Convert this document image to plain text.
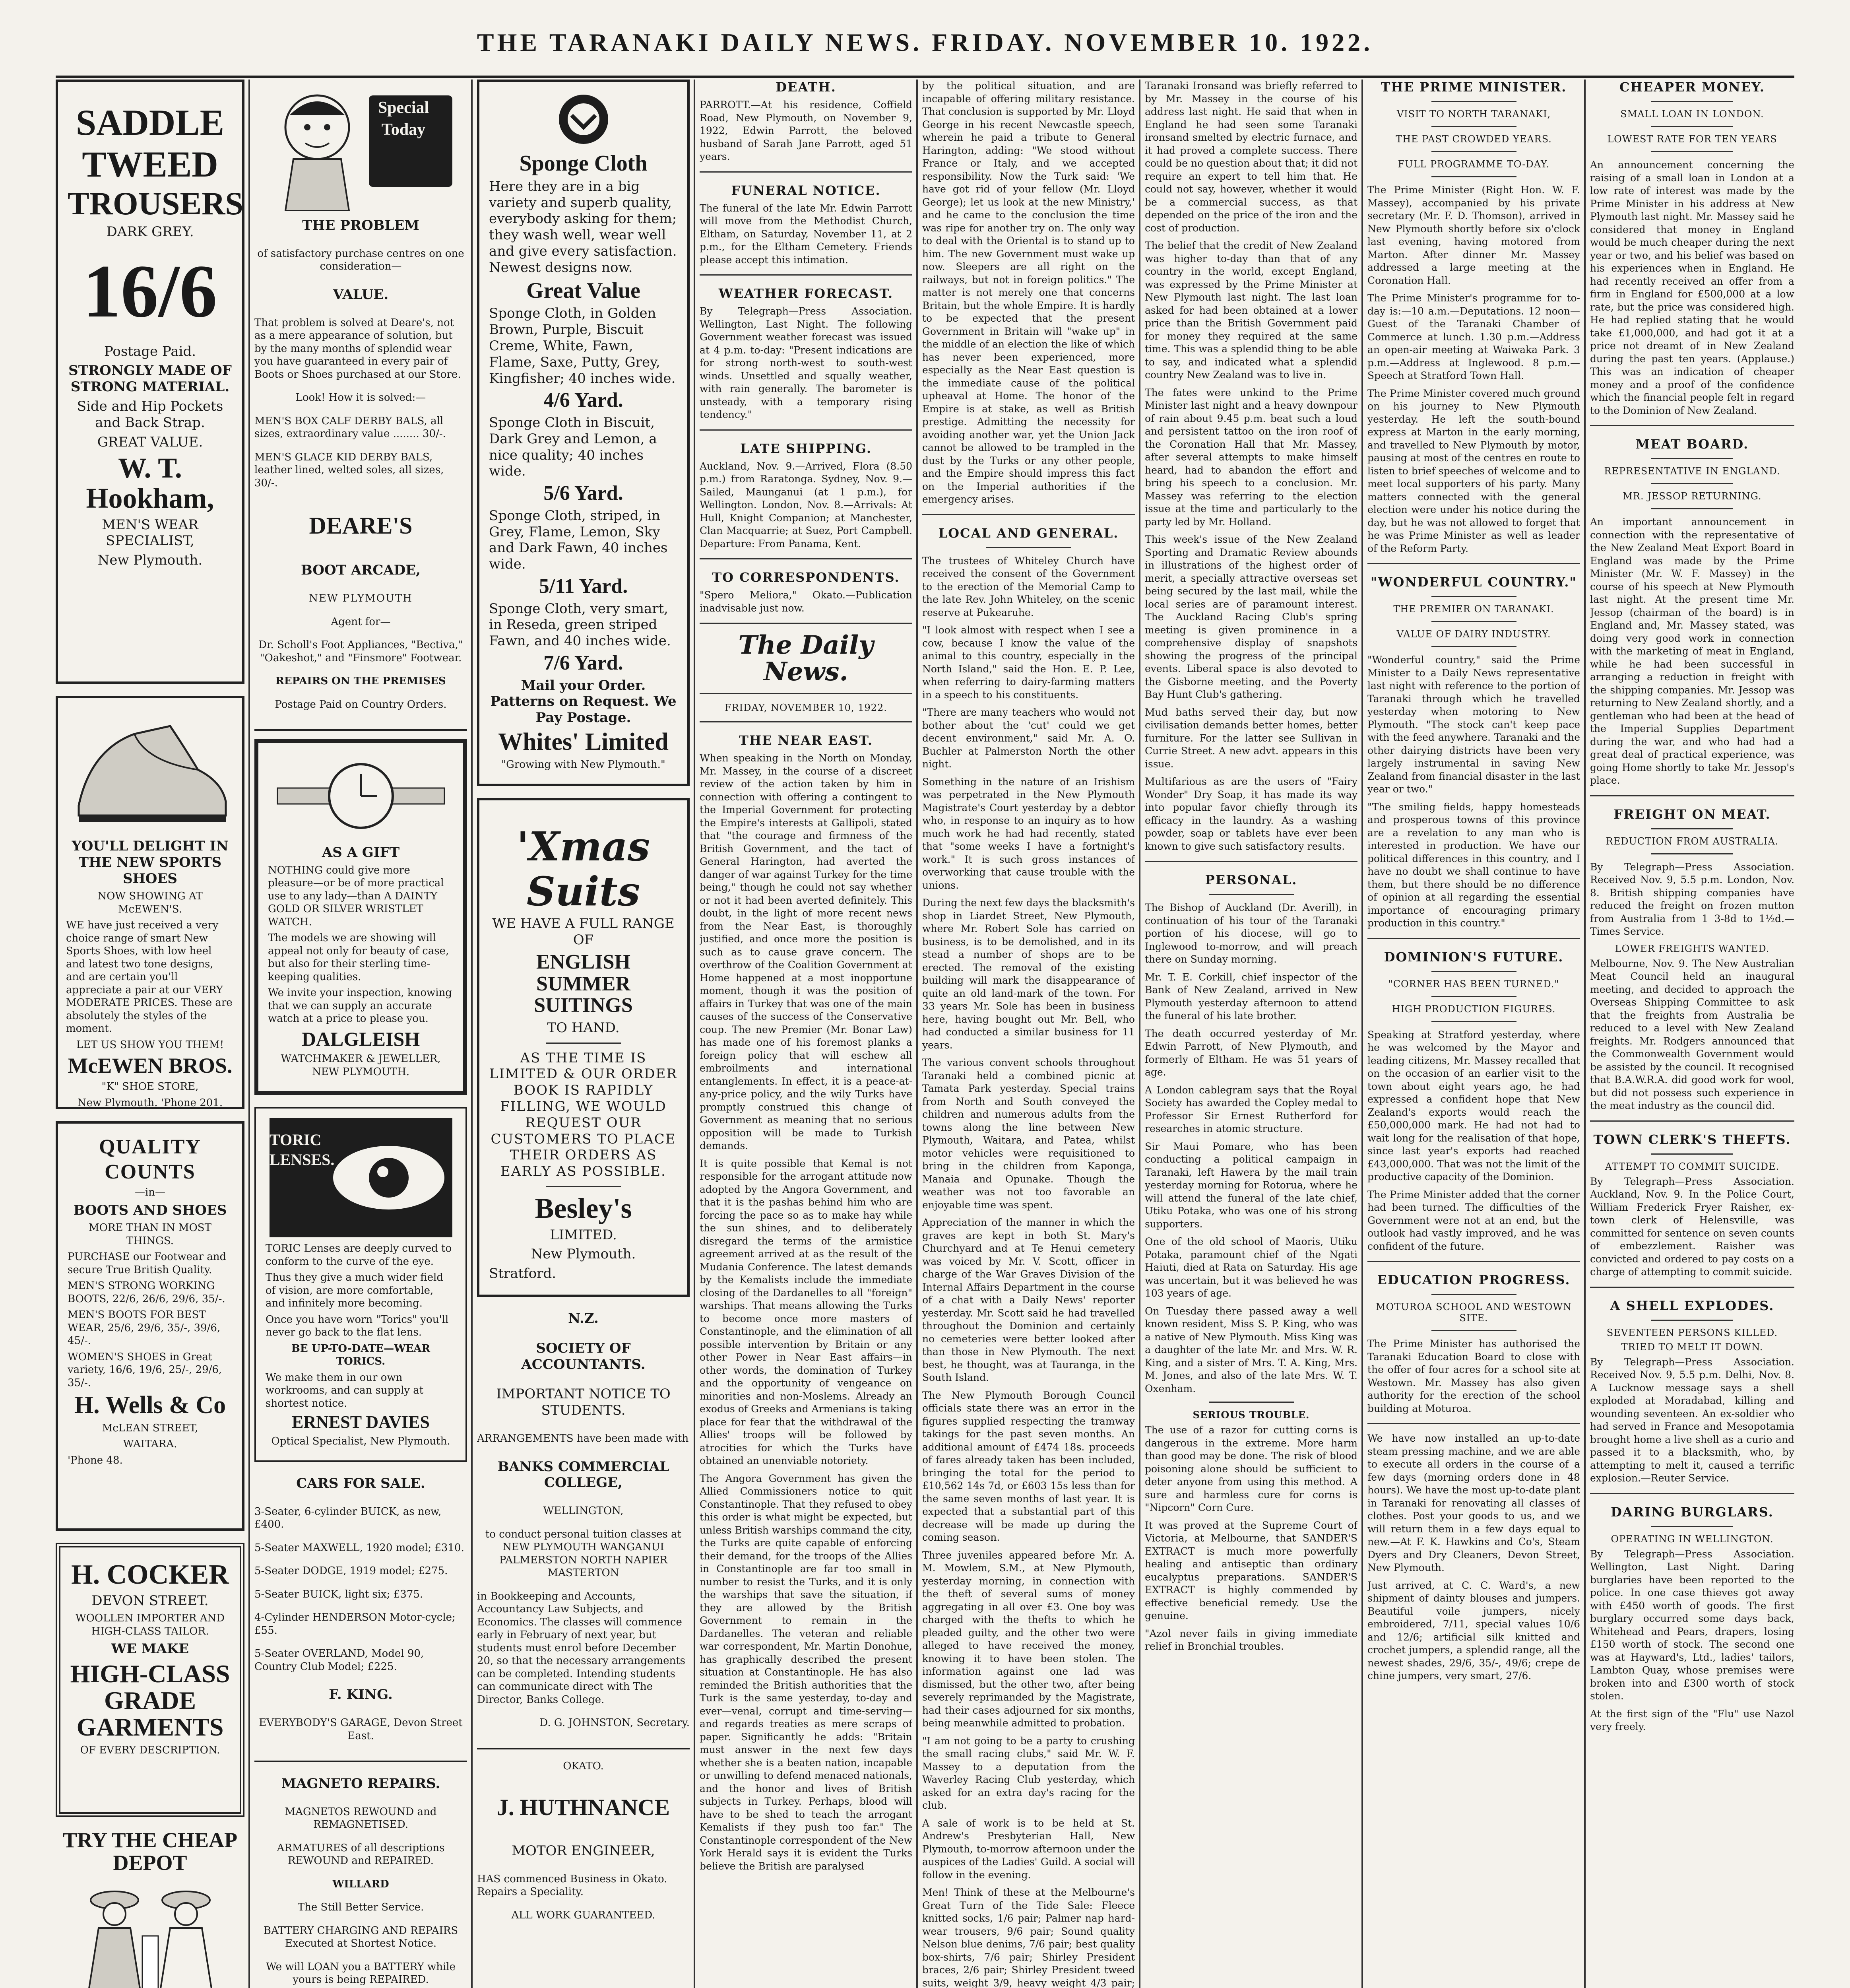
THE TARANAKI DAILY NEWS. FRIDAY. NOVEMBER 10. 1922.

SADDLE

TWEED

TROUSERS

DARK GREY.

16/6

Postage Paid.

STRONGLY MADE OF STRONG MATERIAL.

Side and Hip Pockets and Back Strap.

GREAT VALUE.

W. T. Hookham,

MEN'S WEAR SPECIALIST,

New Plymouth.

YOU'LL DELIGHT IN THE NEW SPORTS SHOES

NOW SHOWING AT McEWEN'S.

WE have just received a very choice range of smart New Sports Shoes, with low heel and latest two tone designs, and are certain you'll appreciate a pair at our VERY MODERATE PRICES. These are absolutely the styles of the moment.

LET US SHOW YOU THEM!

McEWEN BROS.

"K" SHOE STORE,

New Plymouth. 'Phone 201.

QUALITY

COUNTS

—in—

BOOTS AND SHOES

MORE THAN IN MOST THINGS.

PURCHASE our Footwear and secure True British Quality.

MEN'S STRONG WORKING BOOTS, 22/6, 26/6, 29/6, 35/-.

MEN'S BOOTS FOR BEST WEAR, 25/6, 29/6, 35/-, 39/6, 45/-.

WOMEN'S SHOES in Great variety, 16/6, 19/6, 25/-, 29/6, 35/-.

H. Wells & Co

McLEAN STREET,

WAITARA.

'Phone 48.

H. COCKER

DEVON STREET.

WOOLLEN IMPORTER AND HIGH-CLASS TAILOR.

WE MAKE

HIGH-CLASS GRADE GARMENTS

OF EVERY DESCRIPTION.

TRY THE CHEAP DEPOT

Special Today

THE PROBLEM

of satisfactory purchase centres on one consideration—

VALUE.

That problem is solved at Deare's, not as a mere appearance of solution, but by the many months of splendid wear you have guaranteed in every pair of Boots or Shoes purchased at our Store.

Look! How it is solved:—

MEN'S BOX CALF DERBY BALS, all sizes, extraordinary value ........ 30/-.

MEN'S GLACE KID DERBY BALS, leather lined, welted soles, all sizes, 30/-.

DEARE'S

BOOT ARCADE,

NEW PLYMOUTH

Agent for—

Dr. Scholl's Foot Appliances, "Bectiva," "Oakeshot," and "Finsmore" Footwear.

REPAIRS ON THE PREMISES

Postage Paid on Country Orders.

AS A GIFT

NOTHING could give more pleasure—or be of more practical use to any lady—than A DAINTY GOLD OR SILVER WRISTLET WATCH.

The models we are showing will appeal not only for beauty of case, but also for their sterling time-keeping qualities.

We invite your inspection, knowing that we can supply an accurate watch at a price to please you.

DALGLEISH

WATCHMAKER & JEWELLER, NEW PLYMOUTH.

TORIC

LENSES.

TORIC Lenses are deeply curved to conform to the curve of the eye.

Thus they give a much wider field of vision, are more comfortable, and infinitely more becoming.

Once you have worn "Torics" you'll never go back to the flat lens.

BE UP-TO-DATE—WEAR TORICS.

We make them in our own workrooms, and can supply at shortest notice.

ERNEST DAVIES

Optical Specialist, New Plymouth.

CARS FOR SALE.

3-Seater, 6-cylinder BUICK, as new, £400.

5-Seater MAXWELL, 1920 model; £310.

5-Seater DODGE, 1919 model; £275.

5-Seater BUICK, light six; £375.

4-Cylinder HENDERSON Motor-cycle; £55.

5-Seater OVERLAND, Model 90, Country Club Model; £225.

F. KING.

EVERYBODY'S GARAGE, Devon Street East.

MAGNETO REPAIRS.

MAGNETOS REWOUND and REMAGNETISED.

ARMATURES of all descriptions REWOUND and REPAIRED.

WILLARD

The Still Better Service.

BATTERY CHARGING AND REPAIRS Executed at Shortest Notice.

We will LOAN you a BATTERY while yours is being REPAIRED.

Sponge Cloth

Here they are in a big variety and superb quality, everybody asking for them; they wash well, wear well and give every satisfaction. Newest designs now.

Great Value

Sponge Cloth, in Golden Brown, Purple, Biscuit Creme, White, Fawn, Flame, Saxe, Putty, Grey, Kingfisher; 40 inches wide.

4/6 Yard.

Sponge Cloth in Biscuit, Dark Grey and Lemon, a nice quality; 40 inches wide.

5/6 Yard.

Sponge Cloth, striped, in Grey, Flame, Lemon, Sky and Dark Fawn, 40 inches wide.

5/11 Yard.

Sponge Cloth, very smart, in Reseda, green striped Fawn, and 40 inches wide.

7/6 Yard.

Mail your Order. Patterns on Request. We Pay Postage.

Whites' Limited

"Growing with New Plymouth."

'Xmas

Suits

WE HAVE A FULL RANGE OF

ENGLISH SUMMER SUITINGS

TO HAND.

AS THE TIME IS LIMITED & OUR ORDER BOOK IS RAPIDLY FILLING, WE WOULD REQUEST OUR CUSTOMERS TO PLACE THEIR ORDERS AS EARLY AS POSSIBLE.

Besley's

LIMITED.

New Plymouth.

Stratford.

N.Z.

SOCIETY OF ACCOUNTANTS.

IMPORTANT NOTICE TO STUDENTS.

ARRANGEMENTS have been made with

BANKS COMMERCIAL COLLEGE,

WELLINGTON,

to conduct personal tuition classes at NEW PLYMOUTH WANGANUI PALMERSTON NORTH NAPIER MASTERTON

in Bookkeeping and Accounts, Accountancy Law Subjects, and Economics. The classes will commence early in February of next year, but students must enrol before December 20, so that the necessary arrangements can be completed. Intending students can communicate direct with The Director, Banks College.

D. G. JOHNSTON, Secretary.

OKATO.

J. HUTHNANCE

MOTOR ENGINEER,

HAS commenced Business in Okato. Repairs a Speciality.

ALL WORK GUARANTEED.

DEATH.

PARROTT.—At his residence, Coffield Road, New Plymouth, on November 9, 1922, Edwin Parrott, the beloved husband of Sarah Jane Parrott, aged 51 years.

FUNERAL NOTICE.

The funeral of the late Mr. Edwin Parrott will move from the Methodist Church, Eltham, on Saturday, November 11, at 2 p.m., for the Eltham Cemetery. Friends please accept this intimation.

WEATHER FORECAST.

By Telegraph—Press Association. Wellington, Last Night. The following Government weather forecast was issued at 4 p.m. to-day: "Present indications are for strong north-west to south-west winds. Unsettled and squally weather, with rain generally. The barometer is unsteady, with a temporary rising tendency."

LATE SHIPPING.

Auckland, Nov. 9.—Arrived, Flora (8.50 p.m.) from Raratonga. Sydney, Nov. 9.—Sailed, Maunganui (at 1 p.m.), for Wellington. London, Nov. 8.—Arrivals: At Hull, Knight Companion; at Manchester, Clan Macquarrie; at Suez, Port Campbell. Departure: From Panama, Kent.

TO CORRESPONDENTS.

"Spero Meliora," Okato.—Publication inadvisable just now.

The Daily News.

FRIDAY, NOVEMBER 10, 1922.

THE NEAR EAST.

When speaking in the North on Monday, Mr. Massey, in the course of a discreet review of the action taken by him in connection with offering a contingent to the Imperial Government for protecting the Empire's interests at Gallipoli, stated that "the courage and firmness of the British Government, and the tact of General Harington, had averted the danger of war against Turkey for the time being," though he could not say whether or not it had been averted definitely. This doubt, in the light of more recent news from the Near East, is thoroughly justified, and once more the position is such as to cause grave concern. The overthrow of the Coalition Government at Home happened at a most inopportune moment, though it was the position of affairs in Turkey that was one of the main causes of the success of the Conservative coup. The new Premier (Mr. Bonar Law) has made one of his foremost planks a foreign policy that will eschew all embroilments and international entanglements. In effect, it is a peace-at-any-price policy, and the wily Turks have promptly construed this change of Government as meaning that no serious opposition will be made to Turkish demands.

It is quite possible that Kemal is not responsible for the arrogant attitude now adopted by the Angora Government, and that it is the pashas behind him who are forcing the pace so as to make hay while the sun shines, and to deliberately disregard the terms of the armistice agreement arrived at as the result of the Mudania Conference. The latest demands by the Kemalists include the immediate closing of the Dardanelles to all "foreign" warships. That means allowing the Turks to become once more masters of Constantinople, and the elimination of all possible intervention by Britain or any other Power in Near East affairs—in other words, the domination of Turkey and the opportunity of vengeance on minorities and non-Moslems. Already an exodus of Greeks and Armenians is taking place for fear that the withdrawal of the Allies' troops will be followed by atrocities for which the Turks have obtained an unenviable notoriety.

The Angora Government has given the Allied Commissioners notice to quit Constantinople. That they refused to obey this order is what might be expected, but unless British warships command the city, the Turks are quite capable of enforcing their demand, for the troops of the Allies in Constantinople are far too small in number to resist the Turks, and it is only the warships that save the situation, if they are allowed by the British Government to remain in the Dardanelles. The veteran and reliable war correspondent, Mr. Martin Donohue, has graphically described the present situation at Constantinople. He has also reminded the British authorities that the Turk is the same yesterday, to-day and ever—venal, corrupt and time-serving—and regards treaties as mere scraps of paper. Significantly he adds: "Britain must answer in the next few days whether she is a beaten nation, incapable or unwilling to defend menaced nationals, and the honor and lives of British subjects in Turkey. Perhaps, blood will have to be shed to teach the arrogant Kemalists if they push too far." The Constantinople correspondent of the New York Herald says it is evident the Turks believe the British are paralysed

by the political situation, and are incapable of offering military resistance. That conclusion is supported by Mr. Lloyd George in his recent Newcastle speech, wherein he paid a tribute to General Harington, adding: "We stood without France or Italy, and we accepted responsibility. Now the Turk said: 'We have got rid of your fellow (Mr. Lloyd George); let us look at the new Ministry,' and he came to the conclusion the time was ripe for another try on. The only way to deal with the Oriental is to stand up to him. The new Government must wake up now. Sleepers are all right on the railways, but not in foreign politics." The matter is not merely one that concerns Britain, but the whole Empire. It is hardly to be expected that the present Government in Britain will "wake up" in the middle of an election the like of which has never been experienced, more especially as the Near East question is the immediate cause of the political upheaval at Home. The honor of the Empire is at stake, as well as British prestige. Admitting the necessity for avoiding another war, yet the Union Jack cannot be allowed to be trampled in the dust by the Turks or any other people, and the Empire should impress this fact on the Imperial authorities if the emergency arises.

LOCAL AND GENERAL.

The trustees of Whiteley Church have received the consent of the Government to the erection of the Memorial Camp to the late Rev. John Whiteley, on the scenic reserve at Pukearuhe.

"I look almost with respect when I see a cow, because I know the value of the animal to this country, especially in the North Island," said the Hon. E. P. Lee, when referring to dairy-farming matters in a speech to his constituents.

"There are many teachers who would not bother about the 'cut' could we get decent environment," said Mr. A. O. Buchler at Palmerston North the other night.

Something in the nature of an Irishism was perpetrated in the New Plymouth Magistrate's Court yesterday by a debtor who, in response to an inquiry as to how much work he had had recently, stated that "some weeks I have a fortnight's work." It is such gross instances of overworking that cause trouble with the unions.

During the next few days the blacksmith's shop in Liardet Street, New Plymouth, where Mr. Robert Sole has carried on business, is to be demolished, and in its stead a number of shops are to be erected. The removal of the existing building will mark the disappearance of quite an old land-mark of the town. For 33 years Mr. Sole has been in business here, having bought out Mr. Bell, who had conducted a similar business for 11 years.

The various convent schools throughout Taranaki held a combined picnic at Tamata Park yesterday. Special trains from North and South conveyed the children and numerous adults from the towns along the line between New Plymouth, Waitara, and Patea, whilst motor vehicles were requisitioned to bring in the children from Kaponga, Manaia and Opunake. Though the weather was not too favorable an enjoyable time was spent.

Appreciation of the manner in which the graves are kept in both St. Mary's Churchyard and at Te Henui cemetery was voiced by Mr. V. Scott, officer in charge of the War Graves Division of the Internal Affairs Department in the course of a chat with a Daily News' reporter yesterday. Mr. Scott said he had travelled throughout the Dominion and certainly no cemeteries were better looked after than those in New Plymouth. The next best, he thought, was at Tauranga, in the South Island.

The New Plymouth Borough Council officials state there was an error in the figures supplied respecting the tramway takings for the past seven months. An additional amount of £474 18s. proceeds of fares already taken has been included, bringing the total for the period to £10,562 14s 7d, or £603 15s less than for the same seven months of last year. It is expected that a substantial part of this decrease will be made up during the coming season.

Three juveniles appeared before Mr. A. M. Mowlem, S.M., at New Plymouth, yesterday morning, in connection with the theft of several sums of money aggregating in all over £3. One boy was charged with the thefts to which he pleaded guilty, and the other two were alleged to have received the money, knowing it to have been stolen. The information against one lad was dismissed, but the other two, after being severely reprimanded by the Magistrate, had their cases adjourned for six months, being meanwhile admitted to probation.

"I am not going to be a party to crushing the small racing clubs," said Mr. W. F. Massey to a deputation from the Waverley Racing Club yesterday, which asked for an extra day's racing for the club.

A sale of work is to be held at St. Andrew's Presbyterian Hall, New Plymouth, to-morrow afternoon under the auspices of the Ladies' Guild. A social will follow in the evening.

Men! Think of these at the Melbourne's Great Turn of the Tide Sale: Fleece knitted socks, 1/6 pair; Palmer nap hard-wear trousers, 9/6 pair; Sound quality Nelson blue denims, 7/6 pair; best quality box-shirts, 7/6 pair; Shirley President braces, 2/6 pair; Shirley President tweed suits, weight 3/9, heavy weight 4/3 pair;

Taranaki Ironsand was briefly referred to by Mr. Massey in the course of his address last night. He said that when in England he had seen some Taranaki ironsand smelted by electric furnace, and it had proved a complete success. There could be no question about that; it did not require an expert to tell him that. He could not say, however, whether it would be a commercial success, as that depended on the price of the iron and the cost of production.

The belief that the credit of New Zealand was higher to-day than that of any country in the world, except England, was expressed by the Prime Minister at New Plymouth last night. The last loan asked for had been obtained at a lower price than the British Government paid for money they required at the same time. This was a splendid thing to be able to say, and indicated what a splendid country New Zealand was to live in.

The fates were unkind to the Prime Minister last night and a heavy downpour of rain about 9.45 p.m. beat such a loud and persistent tattoo on the iron roof of the Coronation Hall that Mr. Massey, after several attempts to make himself heard, had to abandon the effort and bring his speech to a conclusion. Mr. Massey was referring to the election issue at the time and particularly to the party led by Mr. Holland.

This week's issue of the New Zealand Sporting and Dramatic Review abounds in illustrations of the highest order of merit, a specially attractive overseas set being secured by the last mail, while the local series are of paramount interest. The Auckland Racing Club's spring meeting is given prominence in a comprehensive display of snapshots showing the progress of the principal events. Liberal space is also devoted to the Gisborne meeting, and the Poverty Bay Hunt Club's gathering.

Mud baths served their day, but now civilisation demands better homes, better furniture. For the latter see Sullivan in Currie Street. A new advt. appears in this issue.

Multifarious as are the users of "Fairy Wonder" Dry Soap, it has made its way into popular favor chiefly through its efficacy in the laundry. As a washing powder, soap or tablets have ever been known to give such satisfactory results.

PERSONAL.

The Bishop of Auckland (Dr. Averill), in continuation of his tour of the Taranaki portion of his diocese, will go to Inglewood to-morrow, and will preach there on Sunday morning.

Mr. T. E. Corkill, chief inspector of the Bank of New Zealand, arrived in New Plymouth yesterday afternoon to attend the funeral of his late brother.

The death occurred yesterday of Mr. Edwin Parrott, of New Plymouth, and formerly of Eltham. He was 51 years of age.

A London cablegram says that the Royal Society has awarded the Copley medal to Professor Sir Ernest Rutherford for researches in atomic structure.

Sir Maui Pomare, who has been conducting a political campaign in Taranaki, left Hawera by the mail train yesterday morning for Rotorua, where he will attend the funeral of the late chief, Utiku Potaka, who was one of his strong supporters.

One of the old school of Maoris, Utiku Potaka, paramount chief of the Ngati Haiuti, died at Rata on Saturday. His age was uncertain, but it was believed he was 103 years of age.

On Tuesday there passed away a well known resident, Miss S. P. King, who was a native of New Plymouth. Miss King was a daughter of the late Mr. and Mrs. W. R. King, and a sister of Mrs. T. A. King, Mrs. M. Jones, and also of the late Mrs. W. T. Oxenham.

SERIOUS TROUBLE.

The use of a razor for cutting corns is dangerous in the extreme. More harm than good may be done. The risk of blood poisoning alone should be sufficient to deter anyone from using this method. A sure and harmless cure for corns is "Nipcorn" Corn Cure.

It was proved at the Supreme Court of Victoria, at Melbourne, that SANDER'S EXTRACT is much more powerfully healing and antiseptic than ordinary eucalyptus preparations. SANDER'S EXTRACT is highly commended by effective beneficial remedy. Use the genuine.

"Azol never fails in giving immediate relief in Bronchial troubles.

THE PRIME MINISTER.

VISIT TO NORTH TARANAKI,

THE PAST CROWDED YEARS.

FULL PROGRAMME TO-DAY.

The Prime Minister (Right Hon. W. F. Massey), accompanied by his private secretary (Mr. F. D. Thomson), arrived in New Plymouth shortly before six o'clock last evening, having motored from Marton. After dinner Mr. Massey addressed a large meeting at the Coronation Hall.

The Prime Minister's programme for to-day is:—10 a.m.—Deputations. 12 noon—Guest of the Taranaki Chamber of Commerce at lunch. 1.30 p.m.—Address an open-air meeting at Waiwaka Park. 3 p.m.—Address at Inglewood. 8 p.m.—Speech at Stratford Town Hall.

The Prime Minister covered much ground on his journey to New Plymouth yesterday. He left the south-bound express at Marton in the early morning, and travelled to New Plymouth by motor, pausing at most of the centres en route to listen to brief speeches of welcome and to meet local supporters of his party. Many matters connected with the general election were under his notice during the day, but he was not allowed to forget that he was Prime Minister as well as leader of the Reform Party.

"WONDERFUL COUNTRY."

THE PREMIER ON TARANAKI.

VALUE OF DAIRY INDUSTRY.

"Wonderful country," said the Prime Minister to a Daily News representative last night with reference to the portion of Taranaki through which he travelled yesterday when motoring to New Plymouth. "The stock can't keep pace with the feed anywhere. Taranaki and the other dairying districts have been very largely instrumental in saving New Zealand from financial disaster in the last year or two."

"The smiling fields, happy homesteads and prosperous towns of this province are a revelation to any man who is interested in production. We have our political differences in this country, and I have no doubt we shall continue to have them, but there should be no difference of opinion at all regarding the essential importance of encouraging primary production in this country."

DOMINION'S FUTURE.

"CORNER HAS BEEN TURNED."

HIGH PRODUCTION FIGURES.

Speaking at Stratford yesterday, where he was welcomed by the Mayor and leading citizens, Mr. Massey recalled that on the occasion of an earlier visit to the town about eight years ago, he had expressed a confident hope that New Zealand's exports would reach the £50,000,000 mark. He had not had to wait long for the realisation of that hope, since last year's exports had reached £43,000,000. That was not the limit of the productive capacity of the Dominion.

The Prime Minister added that the corner had been turned. The difficulties of the Government were not at an end, but the outlook had vastly improved, and he was confident of the future.

EDUCATION PROGRESS.

MOTUROA SCHOOL AND WESTOWN SITE.

The Prime Minister has authorised the Taranaki Education Board to close with the offer of four acres for a school site at Westown. Mr. Massey has also given authority for the erection of the school building at Moturoa.

We have now installed an up-to-date steam pressing machine, and we are able to execute all orders in the course of a few days (morning orders done in 48 hours). We have the most up-to-date plant in Taranaki for renovating all classes of clothes. Post your goods to us, and we will return them in a few days equal to new.—At F. K. Hawkins and Co's, Steam Dyers and Dry Cleaners, Devon Street, New Plymouth.

Just arrived, at C. C. Ward's, a new shipment of dainty blouses and jumpers. Beautiful voile jumpers, nicely embroidered, 7/11, special values 10/6 and 12/6; artificial silk knitted and crochet jumpers, a splendid range, all the newest shades, 29/6, 35/-, 49/6; crepe de chine jumpers, very smart, 27/6.

CHEAPER MONEY.

SMALL LOAN IN LONDON.

LOWEST RATE FOR TEN YEARS

An announcement concerning the raising of a small loan in London at a low rate of interest was made by the Prime Minister in his address at New Plymouth last night. Mr. Massey said he considered that money in England would be much cheaper during the next year or two, and his belief was based on his experiences when in England. He had recently received an offer from a firm in England for £500,000 at a low rate, but the price was considered high. He had replied stating that he would take £1,000,000, and had got it at a price not dreamt of in New Zealand during the past ten years. (Applause.) This was an indication of cheaper money and a proof of the confidence which the financial people felt in regard to the Dominion of New Zealand.

MEAT BOARD.

REPRESENTATIVE IN ENGLAND.

MR. JESSOP RETURNING.

An important announcement in connection with the representative of the New Zealand Meat Export Board in England was made by the Prime Minister (Mr. W. F. Massey) in the course of his speech at New Plymouth last night. At the present time Mr. Jessop (chairman of the board) is in England and, Mr. Massey stated, was doing very good work in connection with the marketing of meat in England, while he had been successful in arranging a reduction in freight with the shipping companies. Mr. Jessop was returning to New Zealand shortly, and a gentleman who had been at the head of the Imperial Supplies Department during the war, and who had had a great deal of practical experience, was going Home shortly to take Mr. Jessop's place.

FREIGHT ON MEAT.

REDUCTION FROM AUSTRALIA.

By Telegraph—Press Association. Received Nov. 9, 5.5 p.m. London, Nov. 8. British shipping companies have reduced the freight on frozen mutton from Australia from 1 3-8d to 1½d.—Times Service.

LOWER FREIGHTS WANTED.

Melbourne, Nov. 9. The New Australian Meat Council held an inaugural meeting, and decided to approach the Overseas Shipping Committee to ask that the freights from Australia be reduced to a level with New Zealand freights. Mr. Rodgers announced that the Commonwealth Government would be assisted by the council. It recognised that B.A.W.R.A. did good work for wool, but did not possess such experience in the meat industry as the council did.

TOWN CLERK'S THEFTS.

ATTEMPT TO COMMIT SUICIDE.

By Telegraph—Press Association. Auckland, Nov. 9. In the Police Court, William Frederick Fryer Raisher, ex-town clerk of Helensville, was committed for sentence on seven counts of embezzlement. Raisher was convicted and ordered to pay costs on a charge of attempting to commit suicide.

A SHELL EXPLODES.

SEVENTEEN PERSONS KILLED.

TRIED TO MELT IT DOWN.

By Telegraph—Press Association. Received Nov. 9, 5.5 p.m. Delhi, Nov. 8. A Lucknow message says a shell exploded at Moradabad, killing and wounding seventeen. An ex-soldier who had served in France and Mesopotamia brought home a live shell as a curio and passed it to a blacksmith, who, by attempting to melt it, caused a terrific explosion.—Reuter Service.

DARING BURGLARS.

OPERATING IN WELLINGTON.

By Telegraph—Press Association. Wellington, Last Night. Daring burglaries have been reported to the police. In one case thieves got away with £450 worth of goods. The first burglary occurred some days back, Whitehead and Pears, drapers, losing £150 worth of stock. The second one was at Hayward's, Ltd., ladies' tailors, Lambton Quay, whose premises were broken into and £300 worth of stock stolen.

At the first sign of the "Flu" use Nazol very freely.
